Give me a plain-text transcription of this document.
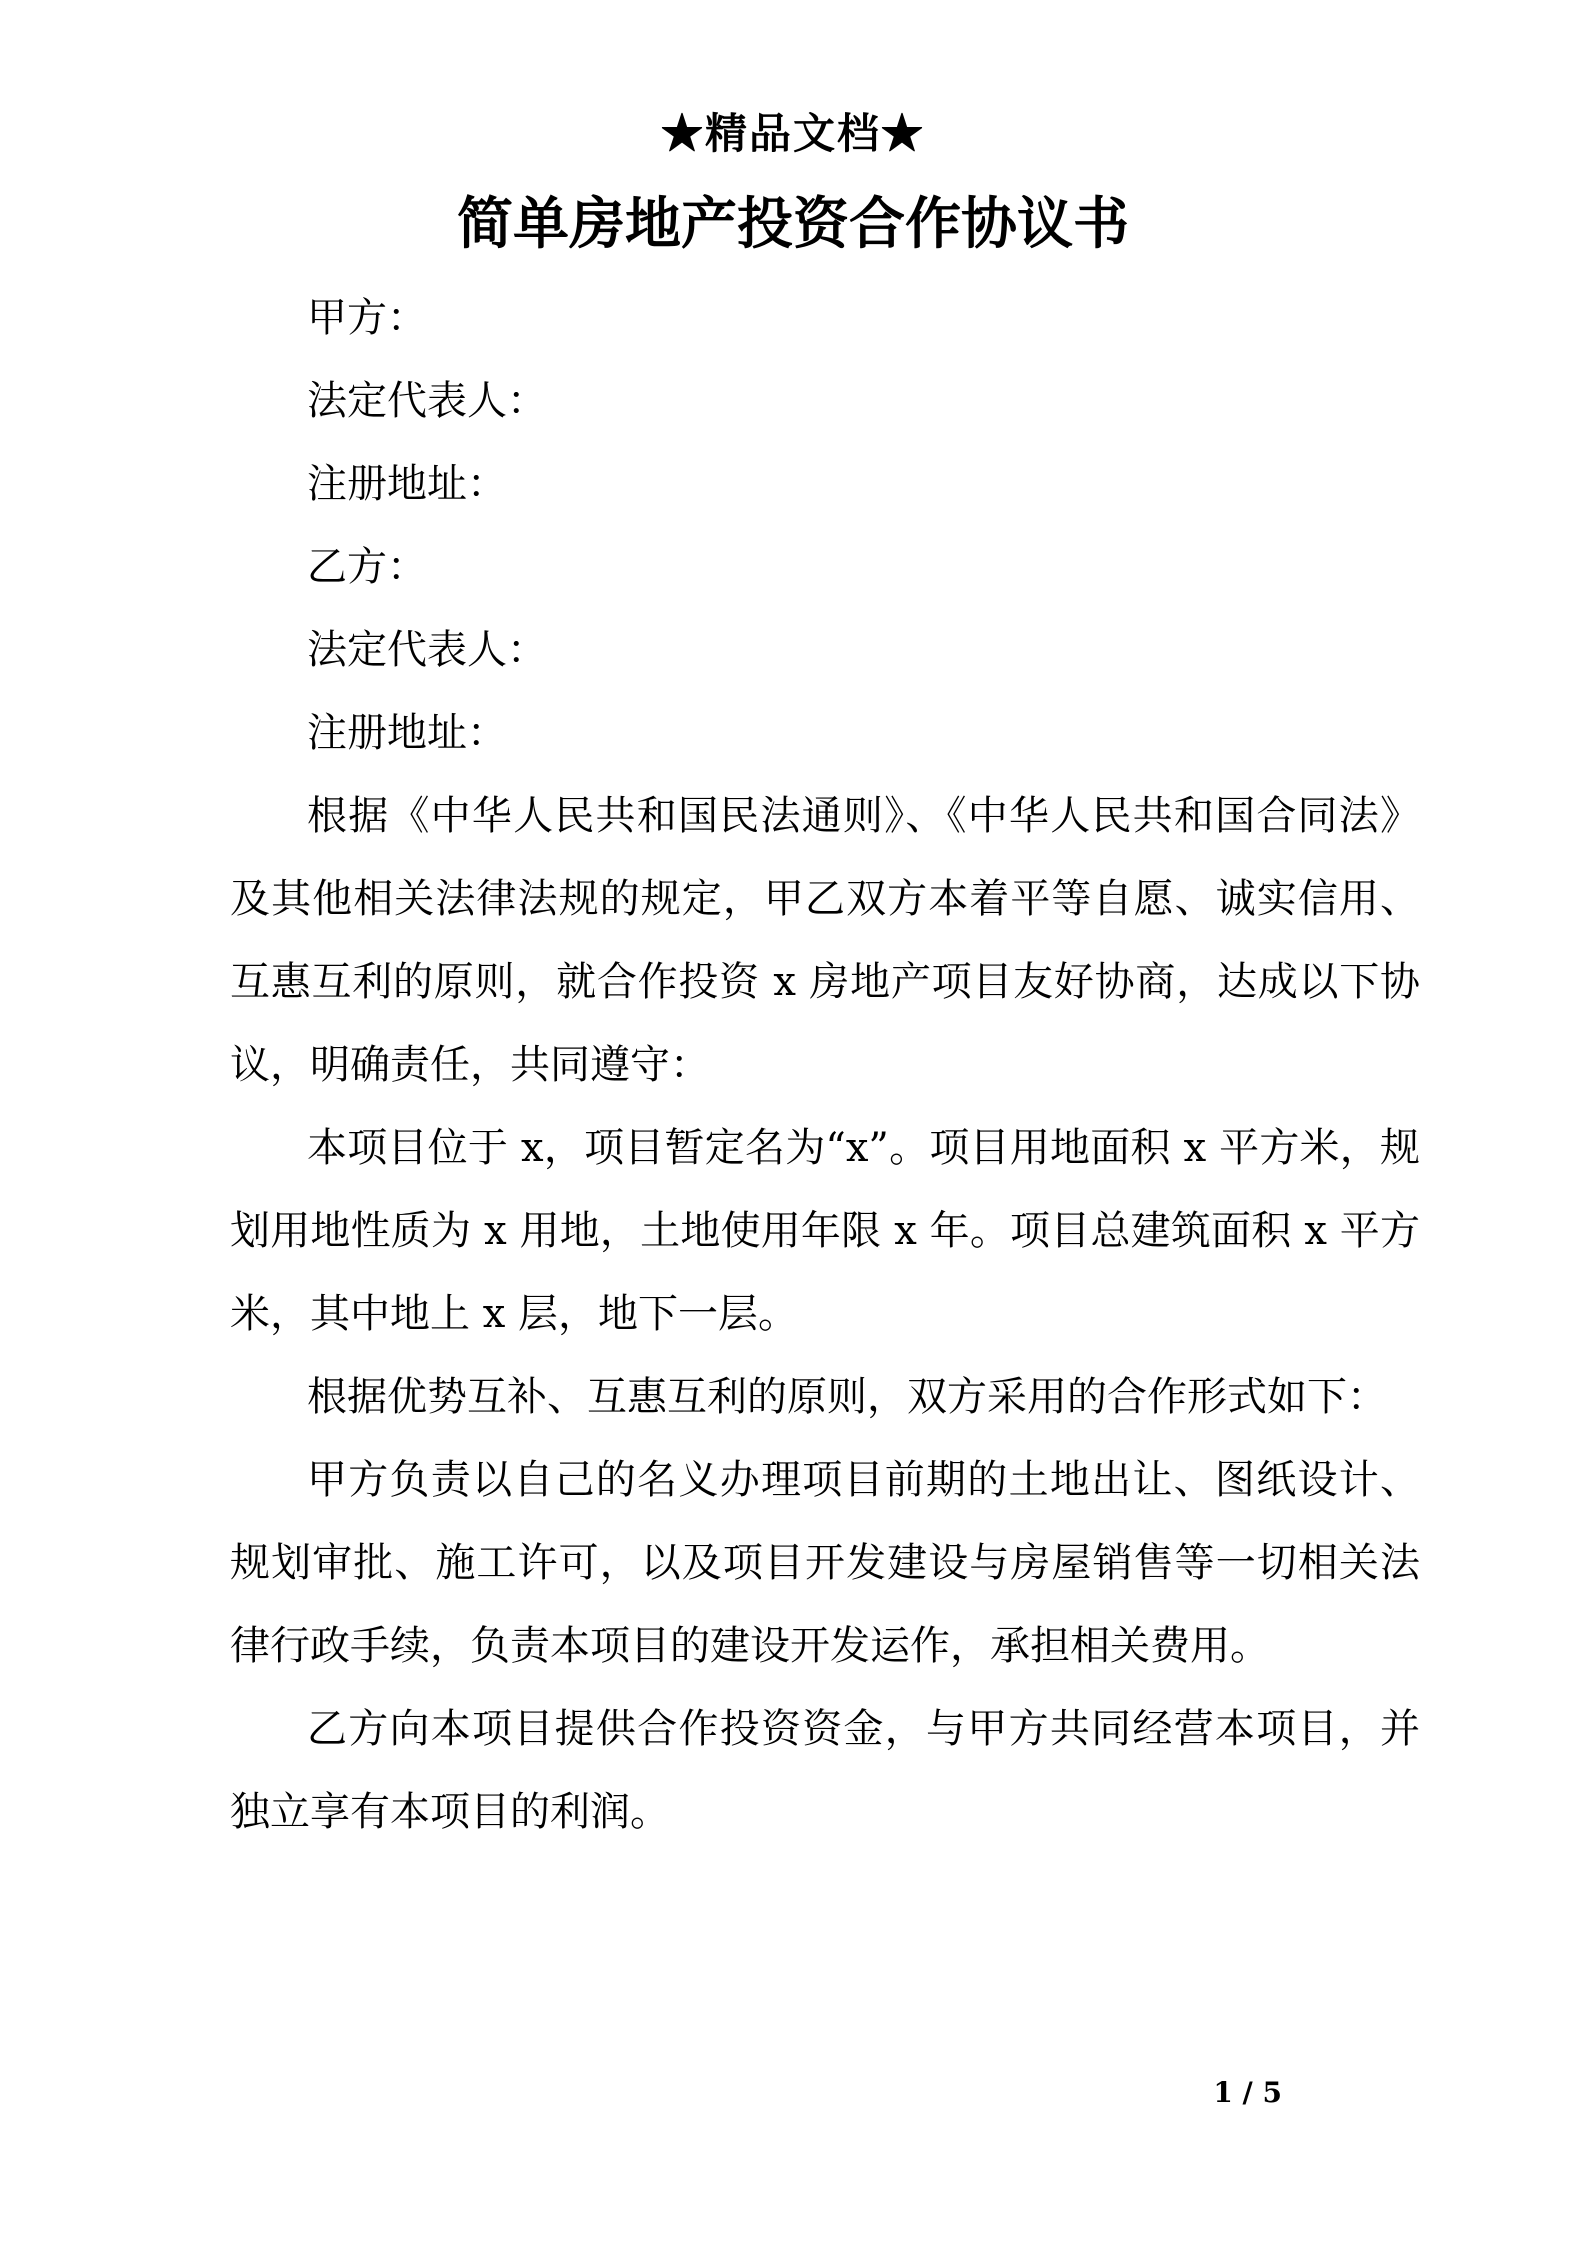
★精品文档★
简单房地产投资合作协议书

甲方：

法定代表人：

注册地址：

乙方：

法定代表人：

注册地址：

根据《中华人民共和国民法通则》、《中华人民共和国合同法》及其他相关法律法规的规定，甲乙双方本着平等自愿、诚实信用、互惠互利的原则，就合作投资 x 房地产项目友好协商，达成以下协议，明确责任，共同遵守：

本项目位于 x，项目暂定名为“x”。项目用地面积 x 平方米，规划用地性质为 x 用地，土地使用年限 x 年。项目总建筑面积 x 平方米，其中地上 x 层，地下一层。

根据优势互补、互惠互利的原则，双方采用的合作形式如下：

甲方负责以自己的名义办理项目前期的土地出让、图纸设计、规划审批、施工许可，以及项目开发建设与房屋销售等一切相关法律行政手续，负责本项目的建设开发运作，承担相关费用。

乙方向本项目提供合作投资资金，与甲方共同经营本项目，并独立享有本项目的利润。

1 / 5
